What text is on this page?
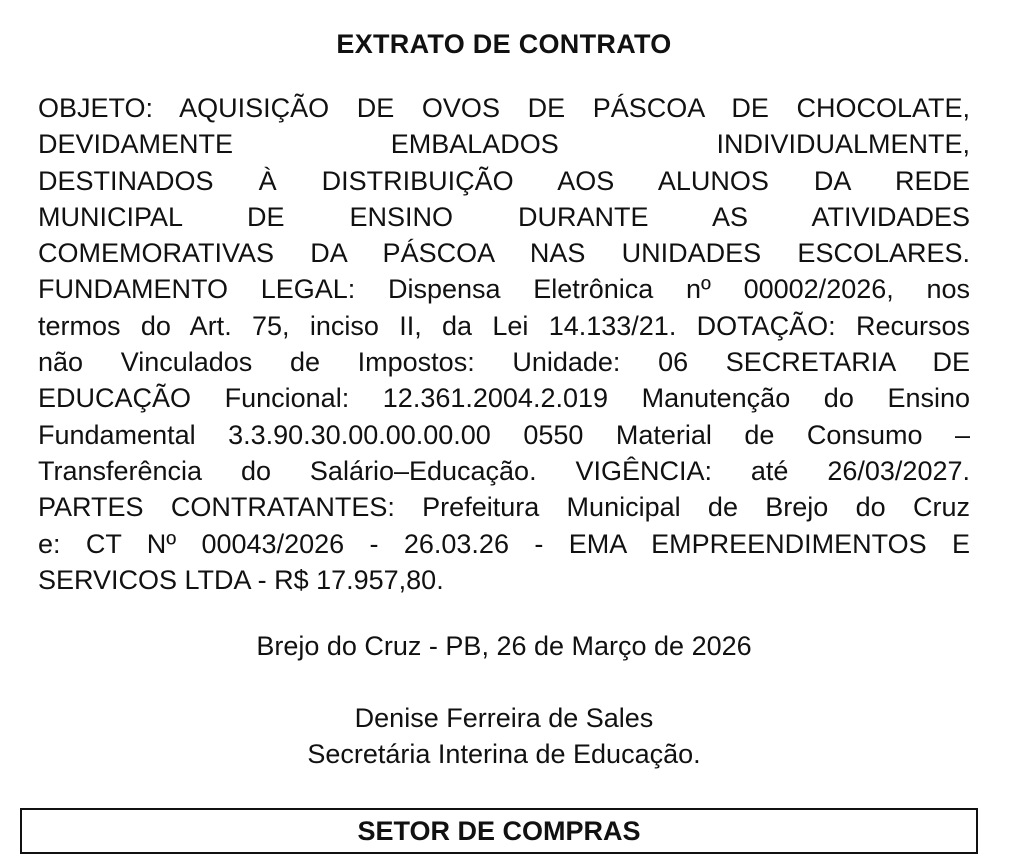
EXTRATO DE CONTRATO
OBJETO: AQUISIÇÃO DE OVOS DE PÁSCOA DE CHOCOLATE,
DEVIDAMENTE EMBALADOS INDIVIDUALMENTE,
DESTINADOS À DISTRIBUIÇÃO AOS ALUNOS DA REDE
MUNICIPAL DE ENSINO DURANTE AS ATIVIDADES
COMEMORATIVAS DA PÁSCOA NAS UNIDADES ESCOLARES.
FUNDAMENTO LEGAL: Dispensa Eletrônica nº 00002/2026, nos
termos do Art. 75, inciso II, da Lei 14.133/21. DOTAÇÃO: Recursos
não Vinculados de Impostos: Unidade: 06 SECRETARIA DE
EDUCAÇÃO Funcional: 12.361.2004.2.019 Manutenção do Ensino
Fundamental 3.3.90.30.00.00.00.00 0550 Material de Consumo –
Transferência do Salário–Educação. VIGÊNCIA: até 26/03/2027.
PARTES CONTRATANTES: Prefeitura Municipal de Brejo do Cruz
e: CT Nº 00043/2026 - 26.03.26 - EMA EMPREENDIMENTOS E
SERVICOS LTDA - R$ 17.957,80.
Brejo do Cruz - PB, 26 de Março de 2026
Denise Ferreira de Sales
Secretária Interina de Educação.
SETOR DE COMPRAS
